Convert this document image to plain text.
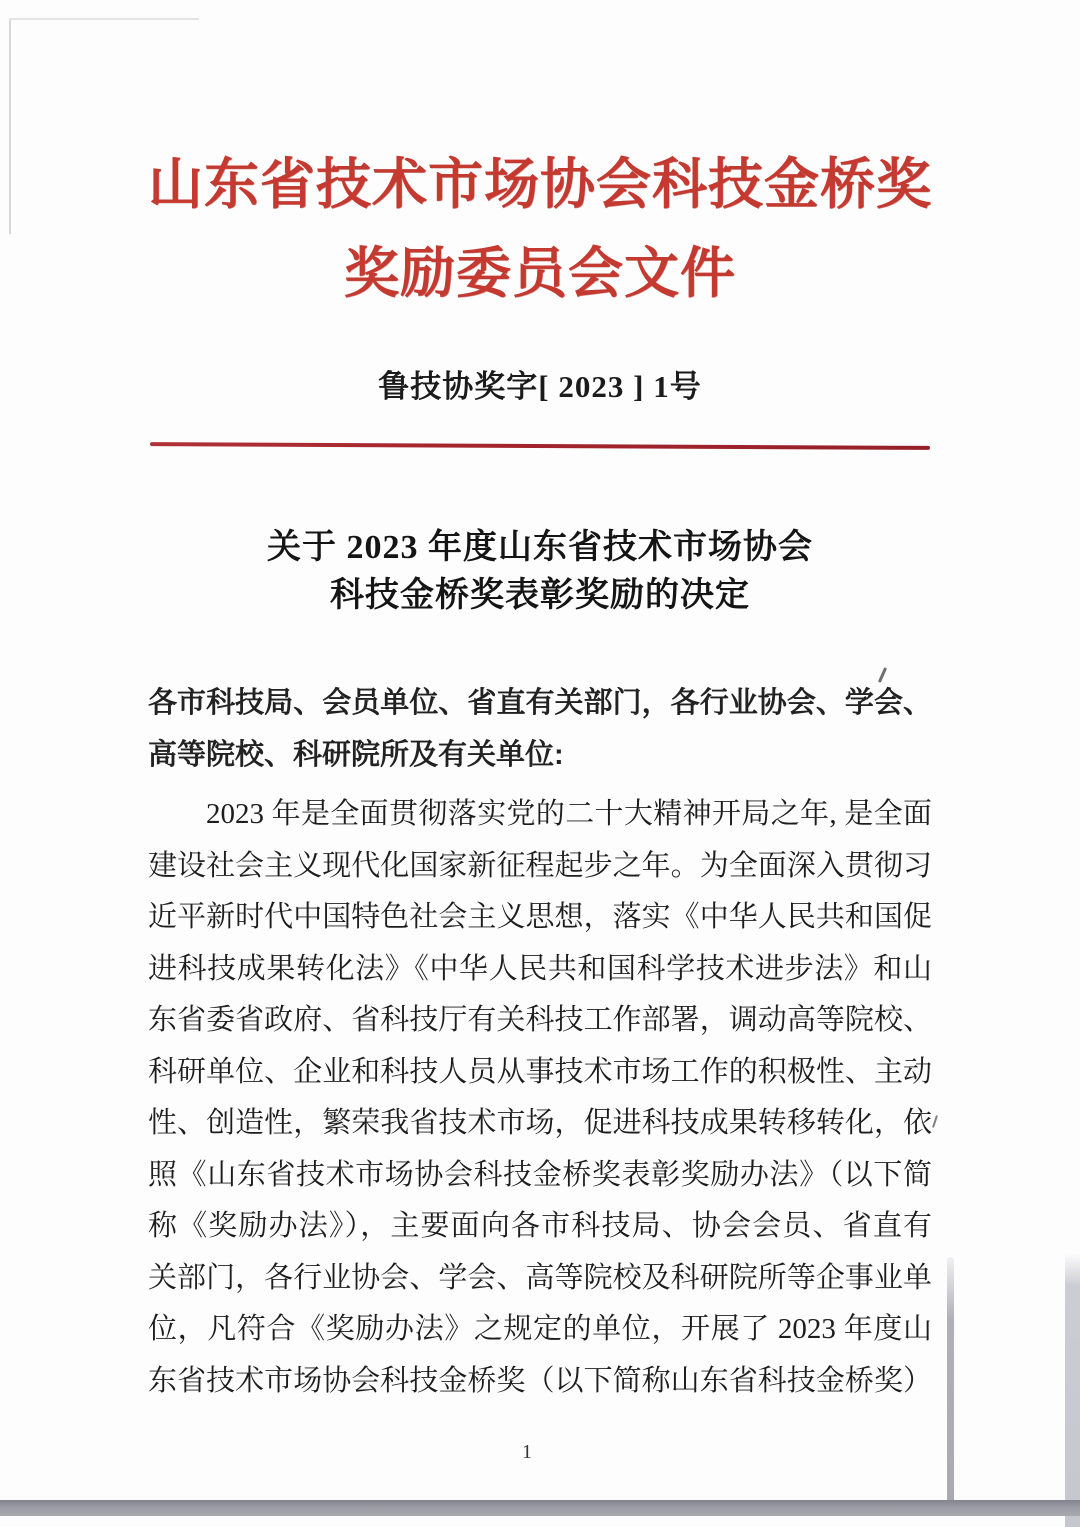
山东省技术市场协会科技金桥奖
奖励委员会文件
鲁技协奖字[ 2023 ] 1号
关于 2023 年度山东省技术市场协会
科技金桥奖表彰奖励的决定
各市科技局、会员单位、省直有关部门，各行业协会、学会、
高等院校、科研院所及有关单位:
2023 年是全面贯彻落实党的二十大精神开局之年, 是全面
建设社会主义现代化国家新征程起步之年。为全面深入贯彻习
近平新时代中国特色社会主义思想，落实《中华人民共和国促
进科技成果转化法》《中华人民共和国科学技术进步法》和山
东省委省政府、省科技厅有关科技工作部署，调动高等院校、
科研单位、企业和科技人员从事技术市场工作的积极性、主动
性、创造性，繁荣我省技术市场，促进科技成果转移转化，依
照《山东省技术市场协会科技金桥奖表彰奖励办法》（以下简
称《奖励办法》），主要面向各市科技局、协会会员、省直有
关部门，各行业协会、学会、高等院校及科研院所等企事业单
位，凡符合《奖励办法》之规定的单位，开展了 2023 年度山
东省技术市场协会科技金桥奖（以下简称山东省科技金桥奖）
1
